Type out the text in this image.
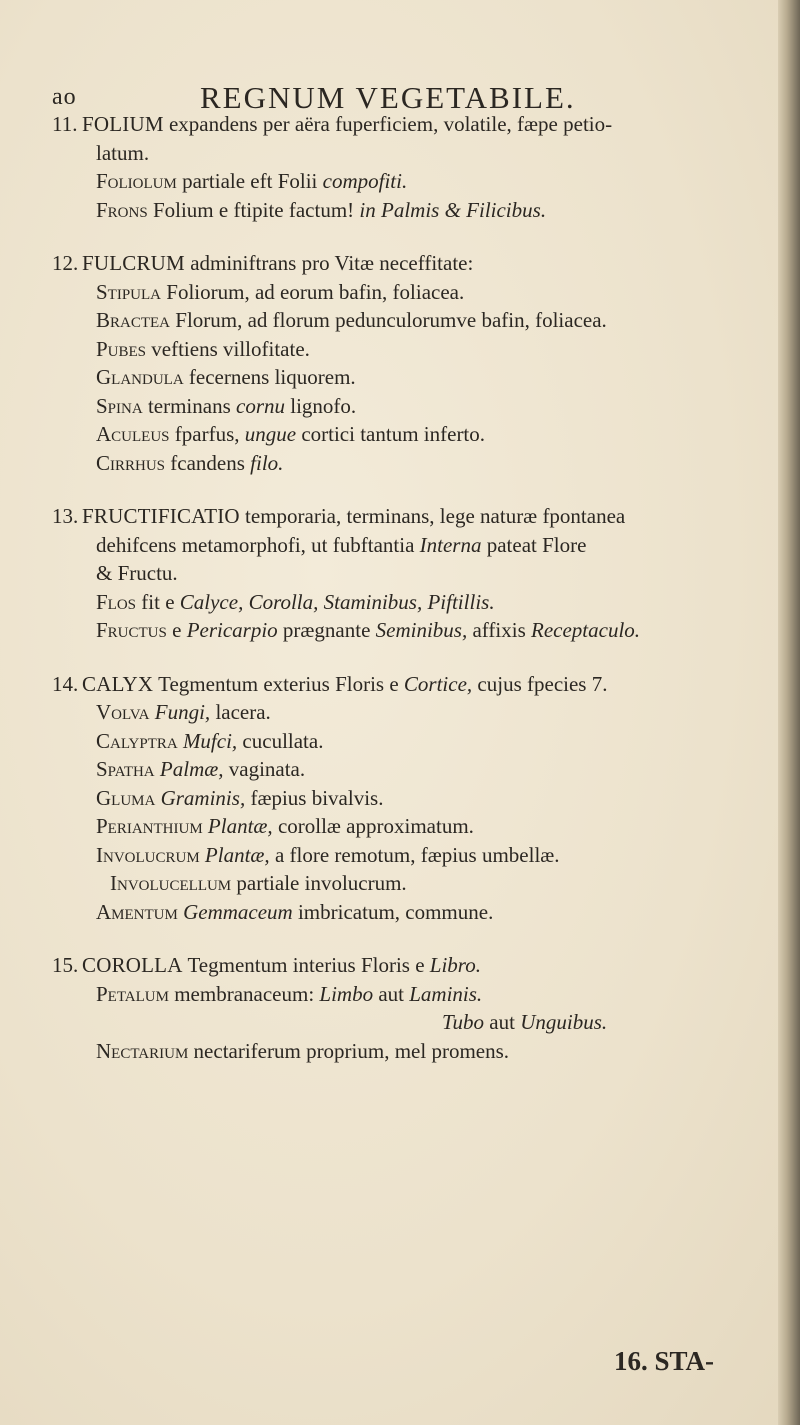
ao	REGNUM VEGETABILE.
11. FOLIUM expandens per aëra fuperficiem, volatile, fæpe petio-
latum.
Foliolum partiale eft Folii compofiti.
Frons Folium e ftipite factum! in Palmis & Filicibus.
12. FULCRUM adminiftrans pro Vitæ neceffitate:
Stipula Foliorum, ad eorum bafin, foliacea.
Bractea Florum, ad florum pedunculorumve bafin, foliacea.
Pubes veftiens villofitate.
Glandula fecernens liquorem.
Spina terminans cornu lignofo.
Aculeus fparfus, ungue cortici tantum inferto.
Cirrhus fcandens filo.
13. FRUCTIFICATIO temporaria, terminans, lege naturæ fpontanea
dehifcens metamorphofi, ut fubftantia Interna pateat Flore
& Fructu.
Flos fit e Calyce, Corolla, Staminibus, Piftillis.
Fructus e Pericarpio prægnante Seminibus, affixis Receptaculo.
14. CALYX Tegmentum exterius Floris e Cortice, cujus fpecies 7.
Volva Fungi, lacera.
Calyptra Mufci, cucullata.
Spatha Palmæ, vaginata.
Gluma Graminis, fæpius bivalvis.
Perianthium Plantæ, corollæ approximatum.
Involucrum Plantæ, a flore remotum, fæpius umbellæ.
Involucellum partiale involucrum.
Amentum Gemmaceum imbricatum, commune.
15. COROLLA Tegmentum interius Floris e Libro.
Petalum membranaceum: Limbo aut Laminis.
Tubo aut Unguibus.
Nectarium nectariferum proprium, mel promens.
16. STA-
